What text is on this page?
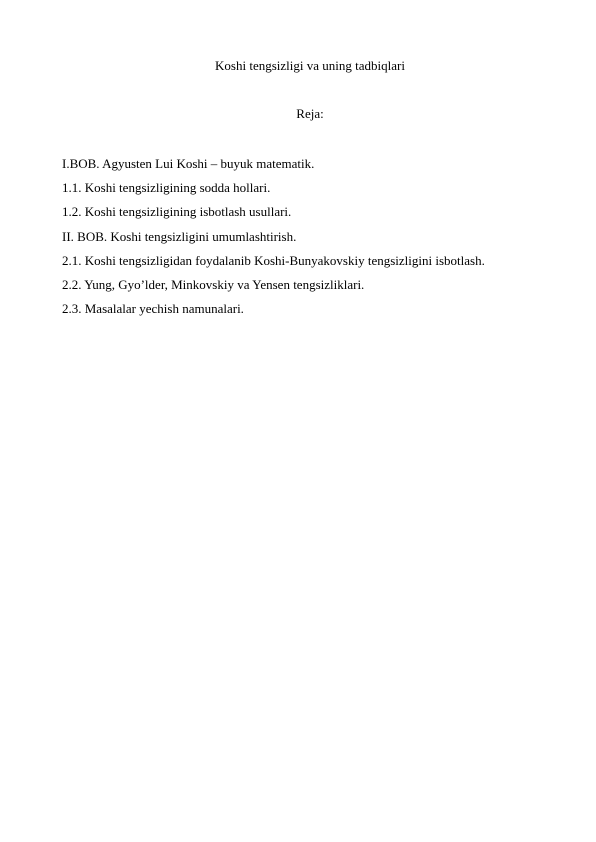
Koshi tengsizligi va uning tadbiqlari
Reja:
I.BOB. Agyusten Lui Koshi – buyuk matematik.
1.1. Koshi tengsizligining sodda hollari.
1.2. Koshi tengsizligining isbotlash usullari.
II. BOB. Koshi tengsizligini umumlashtirish.
2.1. Koshi tengsizligidan foydalanib Koshi-Bunyakovskiy tengsizligini isbotlash.
2.2. Yung, Gyo’lder, Minkovskiy va Yensen tengsizliklari.
2.3. Masalalar yechish namunalari.
